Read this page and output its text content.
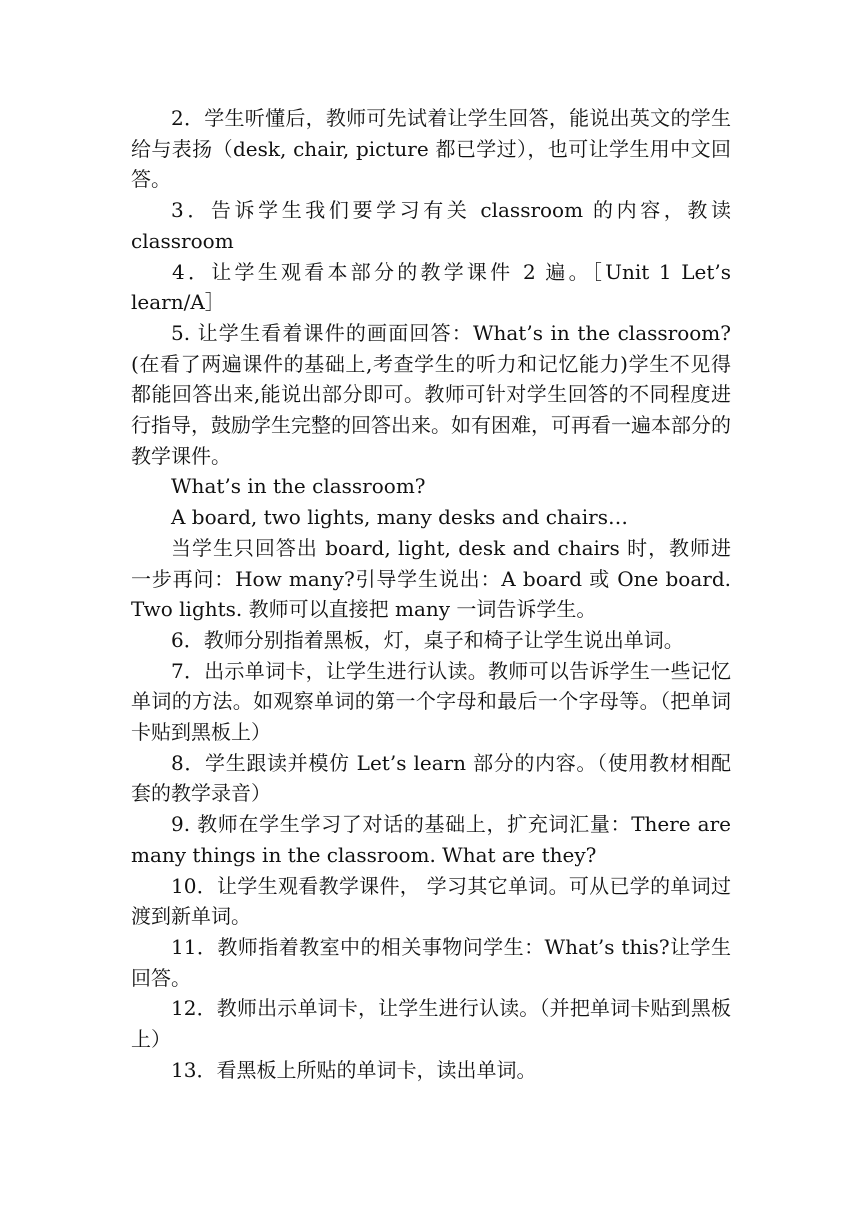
2．学生听懂后，教师可先试着让学生回答，能说出英文的学生给与表扬（desk, chair, picture 都已学过），也可让学生用中文回答。

3．告诉学生我们要学习有关 classroom 的内容，教读 classroom

4．让学生观看本部分的教学课件 2 遍。［Unit 1 Let’s learn/A］

5. 让学生看着课件的画面回答：What’s in the classroom? (在看了两遍课件的基础上,考查学生的听力和记忆能力)学生不见得都能回答出来,能说出部分即可。教师可针对学生回答的不同程度进行指导，鼓励学生完整的回答出来。如有困难，可再看一遍本部分的教学课件。

What’s in the classroom?

A board, two lights, many desks and chairs…

当学生只回答出 board, light, desk and chairs 时，教师进一步再问：How many?引导学生说出：A board 或 One board. Two lights. 教师可以直接把 many 一词告诉学生。

6．教师分别指着黑板，灯，桌子和椅子让学生说出单词。

7．出示单词卡，让学生进行认读。教师可以告诉学生一些记忆单词的方法。如观察单词的第一个字母和最后一个字母等。（把单词卡贴到黑板上）

8．学生跟读并模仿 Let’s learn 部分的内容。（使用教材相配套的教学录音）

9. 教师在学生学习了对话的基础上，扩充词汇量：There are many things in the classroom. What are they?

10．让学生观看教学课件， 学习其它单词。可从已学的单词过渡到新单词。

11．教师指着教室中的相关事物问学生：What’s this?让学生回答。

12．教师出示单词卡，让学生进行认读。（并把单词卡贴到黑板上）

13．看黑板上所贴的单词卡，读出单词。
